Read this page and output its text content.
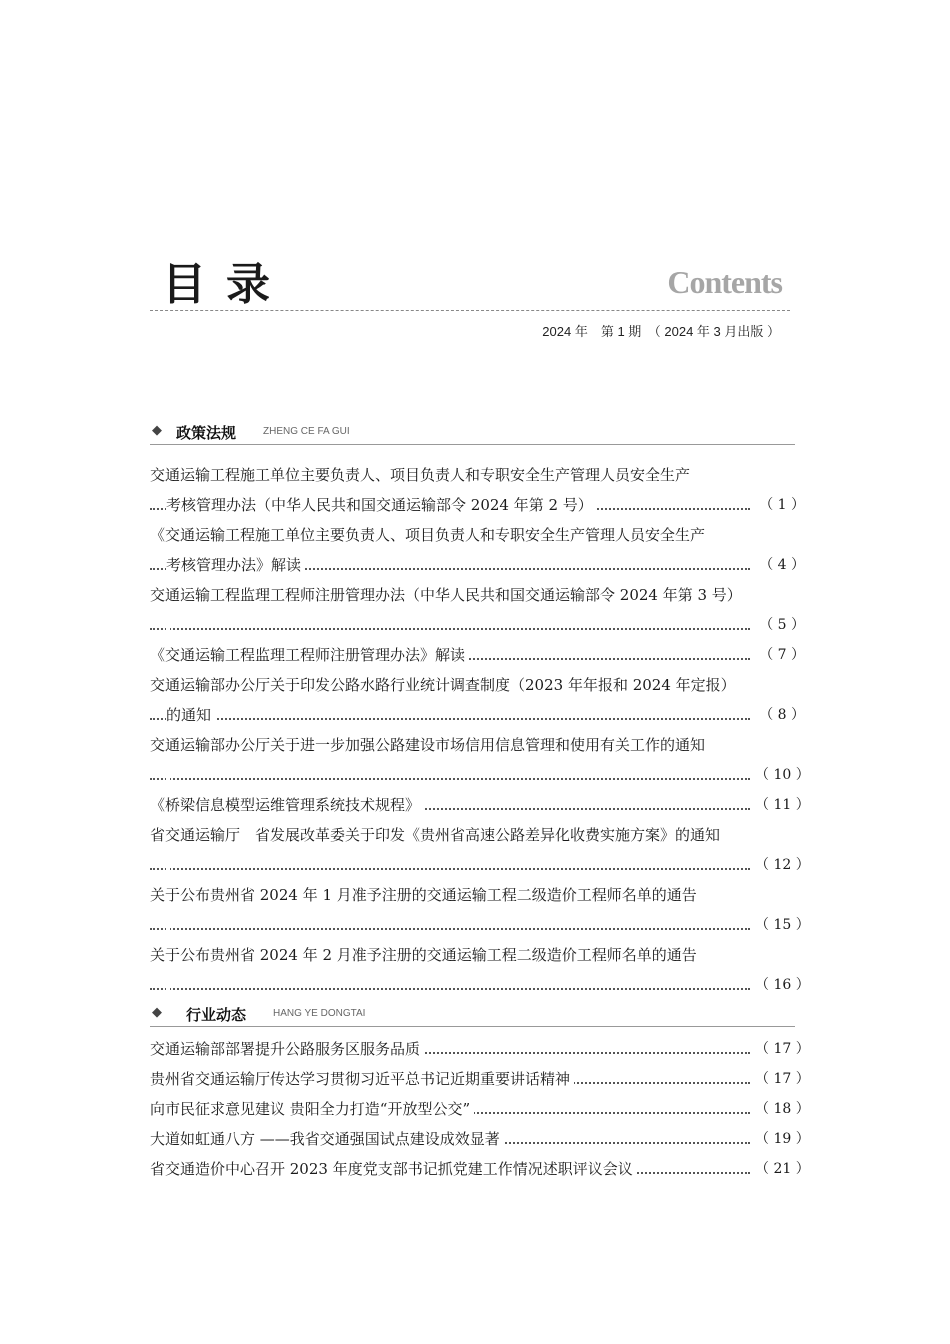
目录	Contents
2024 年　第 1 期　（ 2024 年 3 月出版 ）
◆ 政策法规	ZHENG CE FA GUI
交通运输工程施工单位主要负责人、项目负责人和专职安全生产管理人员安全生产
考核管理办法（中华人民共和国交通运输部令 2024 年第 2 号）	（ 1 ）
《交通运输工程施工单位主要负责人、项目负责人和专职安全生产管理人员安全生产
考核管理办法》解读	（ 4 ）
交通运输工程监理工程师注册管理办法（中华人民共和国交通运输部令 2024 年第 3 号）
（ 5 ）
《交通运输工程监理工程师注册管理办法》解读	（ 7 ）
交通运输部办公厅关于印发公路水路行业统计调查制度（2023 年年报和 2024 年定报）
的通知	（ 8 ）
交通运输部办公厅关于进一步加强公路建设市场信用信息管理和使用有关工作的通知
（ 10 ）
《桥梁信息模型运维管理系统技术规程》	（ 11 ）
省交通运输厅　省发展改革委关于印发《贵州省高速公路差异化收费实施方案》的通知
（ 12 ）
关于公布贵州省 2024 年 1 月准予注册的交通运输工程二级造价工程师名单的通告
（ 15 ）
关于公布贵州省 2024 年 2 月准予注册的交通运输工程二级造价工程师名单的通告
（ 16 ）
◆ 行业动态	HANG YE DONGTAI
交通运输部部署提升公路服务区服务品质	（ 17 ）
贵州省交通运输厅传达学习贯彻习近平总书记近期重要讲话精神	（ 17 ）
向市民征求意见建议 贵阳全力打造“开放型公交”	（ 18 ）
大道如虹通八方 ——我省交通强国试点建设成效显著	（ 19 ）
省交通造价中心召开 2023 年度党支部书记抓党建工作情况述职评议会议	（ 21 ）
